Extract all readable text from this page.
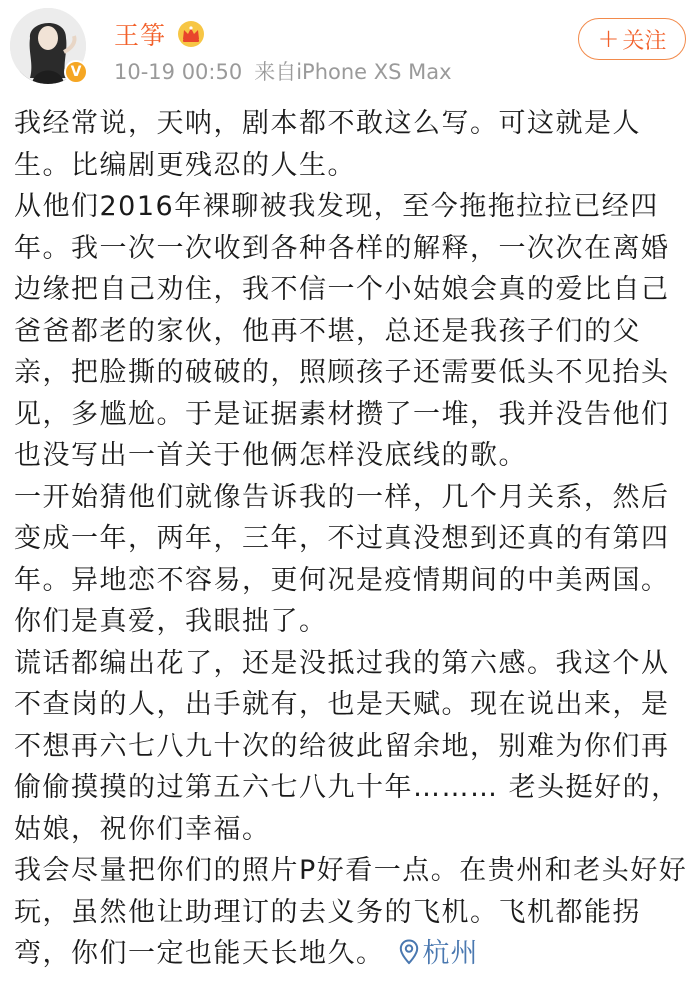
V
王筝
10-19 00:50 来自iPhone XS Max
+ 关注

我经常说，天呐，剧本都不敢这么写。可这就是人生。比编剧更残忍的人生。

从他们2016年裸聊被我发现，至今拖拖拉拉已经四年。我一次一次收到各种各样的解释，一次次在离婚边缘把自己劝住，我不信一个小姑娘会真的爱比自己爸爸都老的家伙，他再不堪，总还是我孩子们的父亲，把脸撕的破破的，照顾孩子还需要低头不见抬头见，多尴尬。于是证据素材攒了一堆，我并没告他们也没写出一首关于他俩怎样没底线的歌。

一开始猜他们就像告诉我的一样，几个月关系，然后变成一年，两年，三年，不过真没想到还真的有第四年。异地恋不容易，更何况是疫情期间的中美两国。你们是真爱，我眼拙了。

谎话都编出花了，还是没抵过我的第六感。我这个从不查岗的人，出手就有，也是天赋。现在说出来，是不想再六七八九十次的给彼此留余地，别难为你们再偷偷摸摸的过第五六七八九十年……… 老头挺好的，姑娘，祝你们幸福。

我会尽量把你们的照片P好看一点。在贵州和老头好好玩，虽然他让助理订的去义务的飞机。飞机都能拐弯，你们一定也能天长地久。 杭州
